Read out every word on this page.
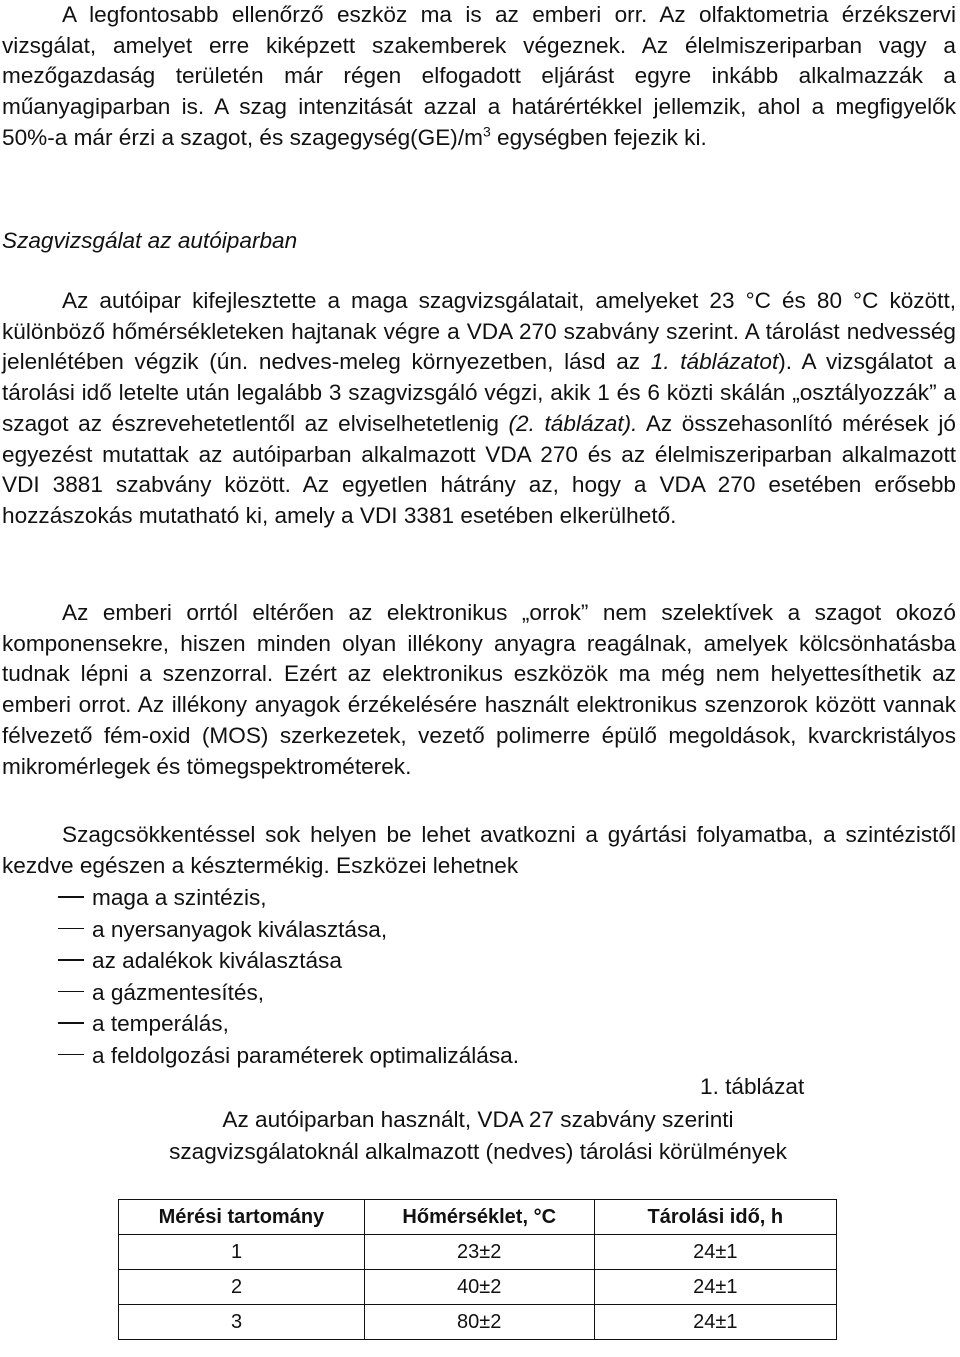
A legfontosabb ellenőrző eszköz ma is az emberi orr. Az olfaktometria érzékszervi vizsgálat, amelyet erre kiképzett szakemberek végeznek. Az élelmiszeriparban vagy a mezőgazdaság területén már régen elfogadott eljárást egyre inkább alkalmazzák a műanyagiparban is. A szag intenzitását azzal a határértékkel jellemzik, ahol a megfigyelők 50%-a már érzi a szagot, és $szagegység(GE)/m^3$ egységben fejezik ki.
Szagvizsgálat az autóiparban
Az autóipar kifejlesztette a maga szagvizsgálatait, amelyeket 23 °C és 80 °C között, különböző hőmérsékleteken hajtanak végre a VDA 270 szabvány szerint. A tárolást nedvesség jelenlétében végzik (ún. nedves-meleg környezetben, lásd az 1. táblázatot). A vizsgálatot a tárolási idő letelte után legalább 3 szagvizsgáló végzi, akik 1 és 6 közti skálán „osztályozzák” a szagot az észrevehetetlentől az elviselhetetlenig (2. táblázat). Az összehasonlító mérések jó egyezést mutattak az autóiparban alkalmazott VDA 270 és az élelmiszeriparban alkalmazott VDI 3881 szabvány között. Az egyetlen hátrány az, hogy a VDA 270 esetében erősebb hozzászokás mutatható ki, amely a VDI 3381 esetében elkerülhető.
Az emberi orrtól eltérően az elektronikus „orrok” nem szelektívek a szagot okozó komponensekre, hiszen minden olyan illékony anyagra reagálnak, amelyek kölcsönhatásba tudnak lépni a szenzorral. Ezért az elektronikus eszközök ma még nem helyettesíthetik az emberi orrot. Az illékony anyagok érzékelésére használt elektronikus szenzorok között vannak félvezető fém-oxid (MOS) szerkezetek, vezető polimerre épülő megoldások, kvarckristályos mikromérlegek és tömegspektrométerek.
Szagcsökkentéssel sok helyen be lehet avatkozni a gyártási folyamatba, a szintézistől kezdve egészen a késztermékig. Eszközei lehetnek
maga a szintézis,
a nyersanyagok kiválasztása,
az adalékok kiválasztása
a gázmentesítés,
a temperálás,
a feldolgozási paraméterek optimalizálása.
1. táblázat
Az autóiparban használt, VDA 27 szabvány szerinti
szagvizsgálatoknál alkalmazott (nedves) tárolási körülmények
Mérési tartomány	Hőmérséklet, °C	Tárolási idő, h
1	23±2	24±1
2	40±2	24±1
3	80±2	24±1
